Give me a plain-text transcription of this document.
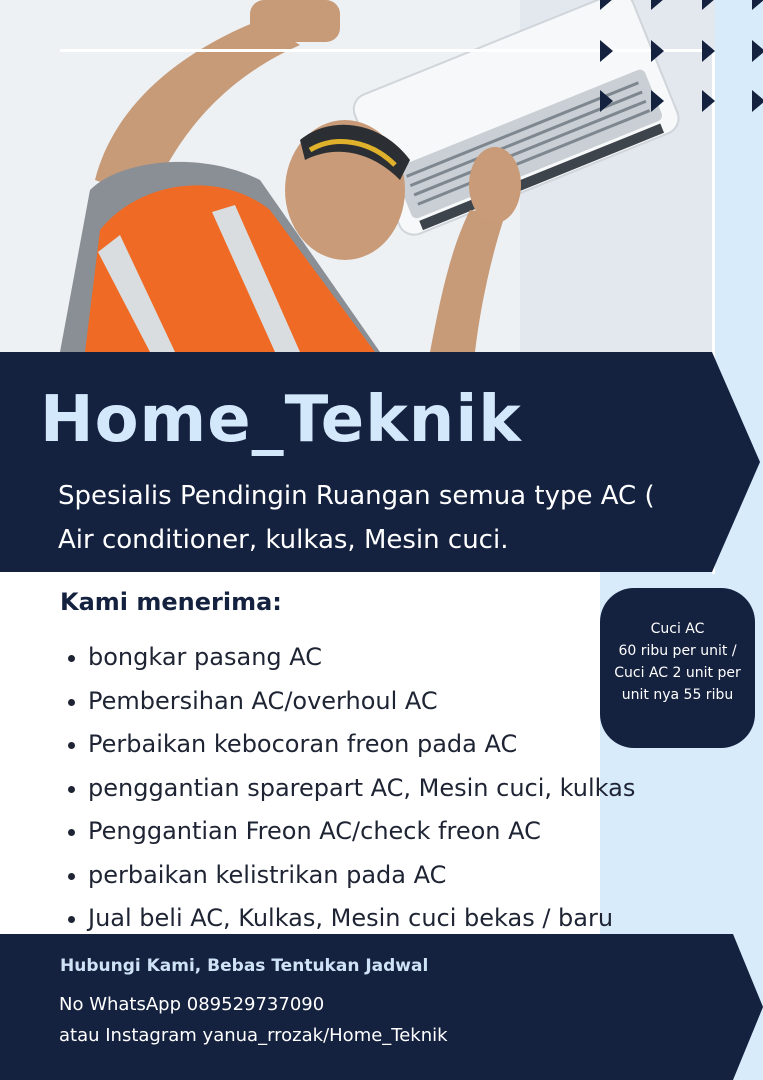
Home_Teknik
Spesialis Pendingin Ruangan semua type AC (
Air conditioner, kulkas, Mesin cuci.
Kami menerima:
bongkar pasang AC
Pembersihan AC/overhoul AC
Perbaikan kebocoran freon pada AC
penggantian sparepart AC, Mesin cuci, kulkas
Penggantian Freon AC/check freon AC
perbaikan kelistrikan pada AC
Jual beli AC, Kulkas, Mesin cuci bekas / baru
Cuci AC
60 ribu per unit /
Cuci AC 2 unit per
unit nya 55 ribu
Hubungi Kami, Bebas Tentukan Jadwal
No WhatsApp 089529737090
atau Instagram yanua_rrozak/Home_Teknik
